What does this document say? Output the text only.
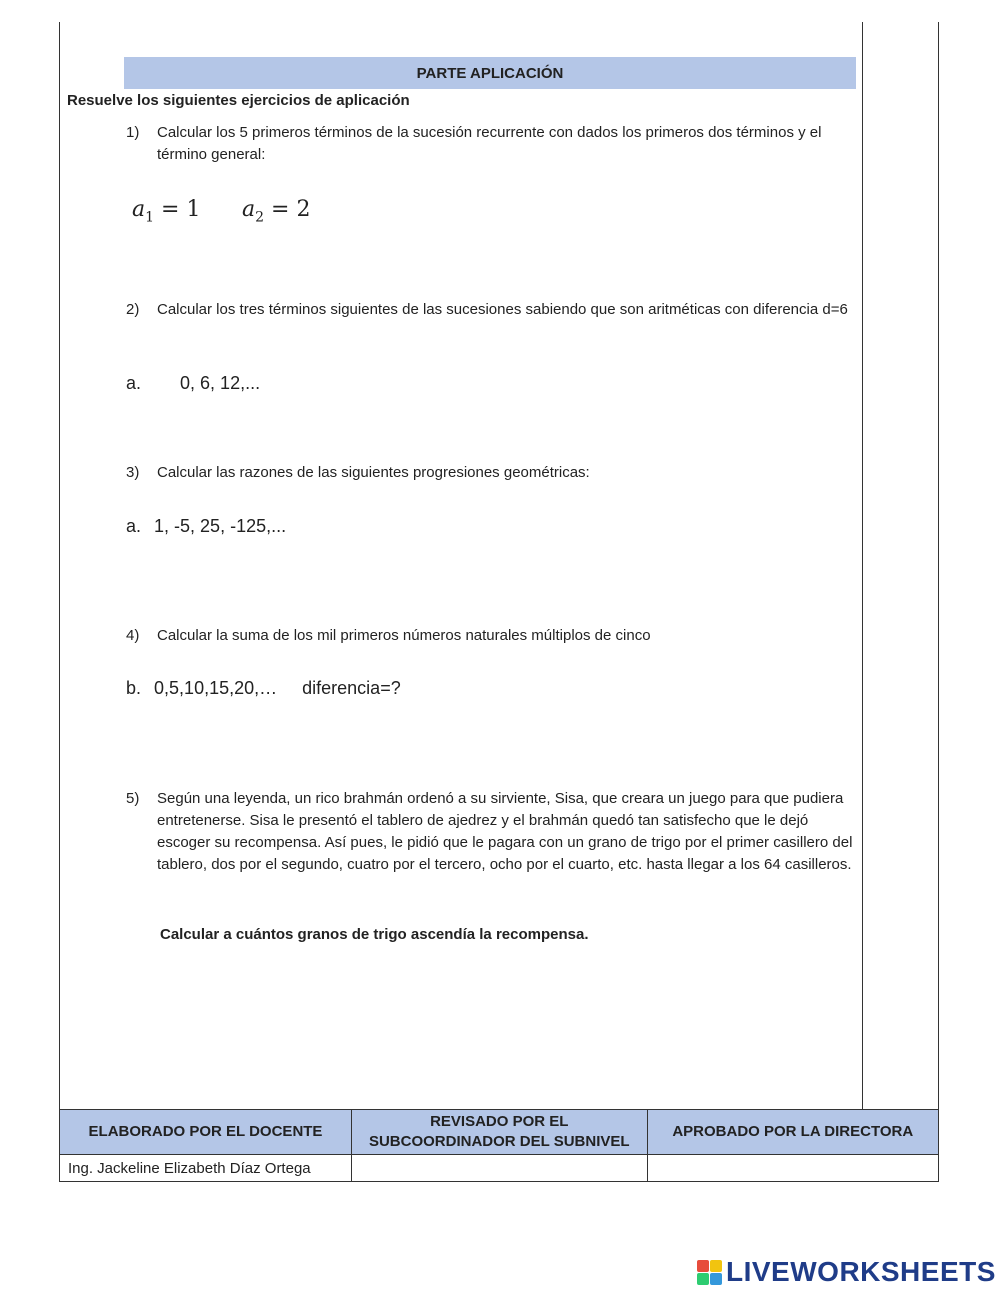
PARTE APLICACIÓN
Resuelve los siguientes ejercicios de aplicación
1) Calcular los 5 primeros términos de la sucesión recurrente con dados los primeros dos términos y el término general:
$a_1 = 1$ $a_2 = 2$
2) Calcular los tres términos siguientes de las sucesiones sabiendo que son aritméticas con diferencia d=6
a. 0, 6, 12,...
3) Calcular las razones de las siguientes progresiones geométricas:
a. 1, -5, 25, -125,...
4) Calcular la suma de los mil primeros números naturales múltiplos de cinco
b. 0,5,10,15,20,… diferencia=?
5) Según una leyenda, un rico brahmán ordenó a su sirviente, Sisa, que creara un juego para que pudiera entretenerse. Sisa le presentó el tablero de ajedrez y el brahmán quedó tan satisfecho que le dejó escoger su recompensa. Así pues, le pidió que le pagara con un grano de trigo por el primer casillero del tablero, dos por el segundo, cuatro por el tercero, ocho por el cuarto, etc. hasta llegar a los 64 casilleros.
Calcular a cuántos granos de trigo ascendía la recompensa.
ELABORADO POR EL DOCENTE	REVISADO POR EL SUBCOORDINADOR DEL SUBNIVEL	APROBADO POR LA DIRECTORA
Ing. Jackeline Elizabeth Díaz Ortega		
LIVEWORKSHEETS
